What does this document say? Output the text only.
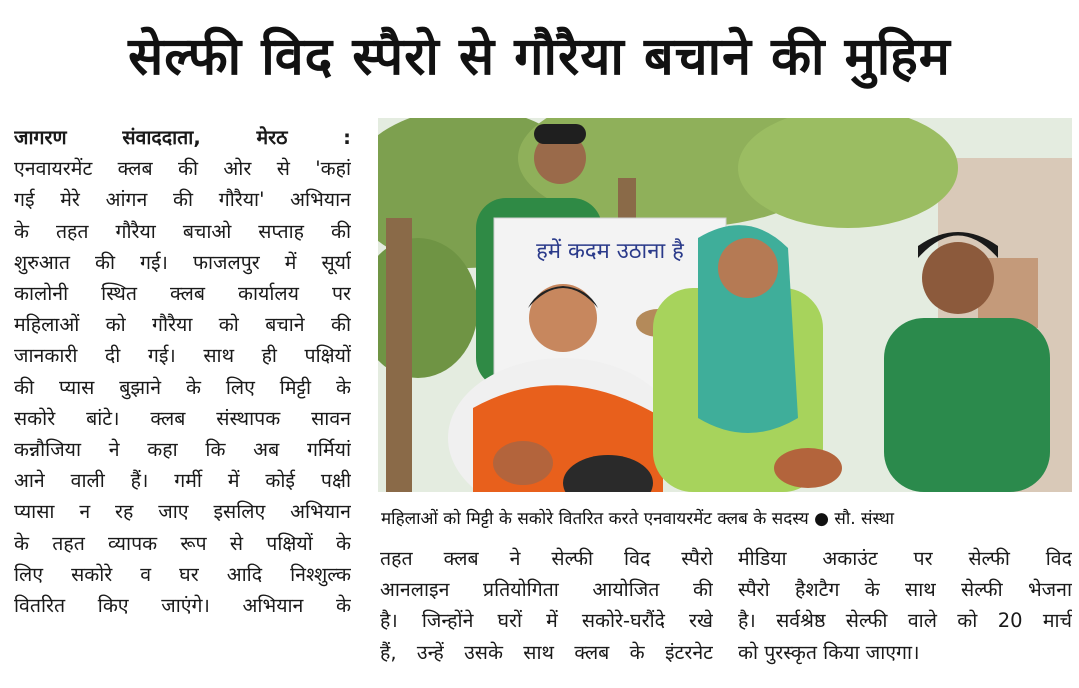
सेल्फी विद स्पैरो से गौरैया बचाने की मुहिम
जागरण संवाददाता, मेरठ :
एनवायरमेंट क्लब की ओर से 'कहां
गई मेरे आंगन की गौरैया' अभियान
के तहत गौरैया बचाओ सप्ताह की
शुरुआत की गई। फाजलपुर में सूर्या
कालोनी स्थित क्लब कार्यालय पर
महिलाओं को गौरैया को बचाने की
जानकारी दी गई। साथ ही पक्षियों
की प्यास बुझाने के लिए मिट्टी के
सकोरे बांटे। क्लब संस्थापक सावन
कन्नौजिया ने कहा कि अब गर्मियां
आने वाली हैं। गर्मी में कोई पक्षी
प्यासा न रह जाए इसलिए अभियान
के तहत व्यापक रूप से पक्षियों के
लिए सकोरे व घर आदि निश्शुल्क
वितरित किए जाएंगे। अभियान के
हमें कदम उठाना है
महिलाओं को मिट्टी के सकोरे वितरित करते एनवायरमेंट क्लब के सदस्य ● सौ. संस्था
तहत क्लब ने सेल्फी विद स्पैरो
आनलाइन प्रतियोगिता आयोजित की
है। जिन्होंने घरों में सकोरे-घरौंदे रखे
हैं, उन्हें उसके साथ क्लब के इंटरनेट
मीडिया अकाउंट पर सेल्फी विद
स्पैरो हैशटैग के साथ सेल्फी भेजना
है। सर्वश्रेष्ठ सेल्फी वाले को 20 मार्च
को पुरस्कृत किया जाएगा।
